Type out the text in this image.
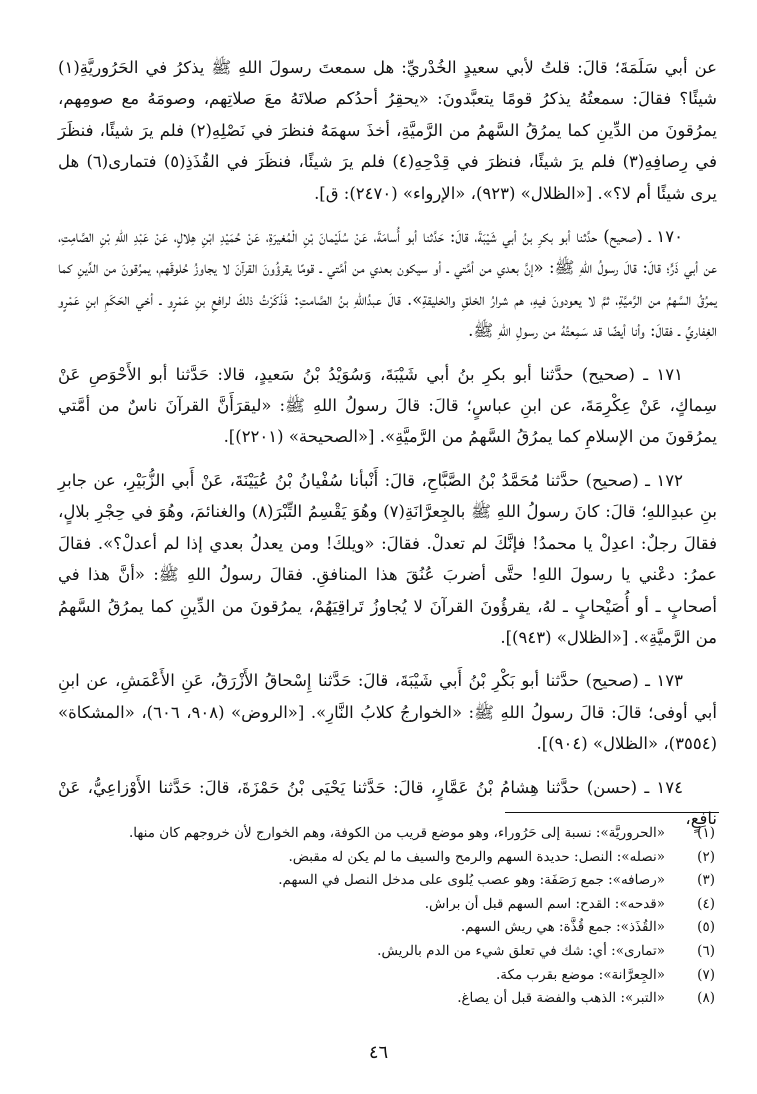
عن أبي سَلَمَةَ؛ قالَ: قلتُ لأبي سعيدٍ الخُدْريِّ: هل سمعتَ رسولَ اللهِ ﷺ يذكرُ في الحَرُوريَّةِ(١) شيئًا؟ فقالَ: سمعتُهُ يذكرُ قومًا يتعبَّدونَ: «يحقِرُ أحدُكم صلاتَهُ معَ صلاتِهم، وصومَهُ مع صومِهم، يمرُقونَ من الدِّينِ كما يمرُقُ السَّهمُ من الرَّميَّةِ، أخذَ سهمَهُ فنظرَ في نَصْلِهِ(٢) فلم يرَ شيئًا، فنظَرَ في رِصافِهِ(٣) فلم يرَ شيئًا، فنظرَ في قِدْحِهِ(٤) فلم يرَ شيئًا، فنظَرَ في القُذَذِ(٥) فتمارى(٦) هل يرى شيئًا أم لا؟». [«الظلال» (٩٢٣)، «الإرواء» (٢٤٧٠): ق].

١٧٠ ـ (صحيح) حدَّثنا أبو بكرِ بنُ أبي شَيْبَةَ، قالَ: حَدَّثنا أبو أُسامَةَ، عَنْ سُلَيْمانَ بْنِ الْمُغيرَةِ، عَنْ حُمَيْدِ ابْنِ هِلالٍ، عَنْ عَبْدِ اللهِ بْنِ الصَّامِتِ، عن أبي ذَرٍّ؛ قالَ: قالَ رسولُ اللهِ ﷺ: «إنَّ بعدي من أمَّتي ـ أو سيكون بعدي من أمَّتي ـ قومًا يقرؤُونَ القرآنَ لا يجاوزُ حُلوقَهم، يمرُقونَ من الدِّينِ كما يمرُقُ السَّهمُ من الرَّميَّةِ، ثمَّ لا يعودونَ فيهِ، هم شرارُ الخلقِ والخليقةِ». قالَ عبدُاللهِ بنُ الصَّامتِ: فَذَكَرْتُ ذلكَ لرافعِ بنِ عَمْرٍو ـ أخي الحَكَمِ ابنِ عَمْرٍو الغِفاريِّ ـ فقالَ: وأنا أيضًا قد سَمِعتُهُ من رسولِ اللهِ ﷺ.

١٧١ ـ (صحيح) حدَّثنا أبو بكرِ بنُ أبي شَيْبَةَ، وَسُوَيْدُ بْنُ سَعيدٍ، قالا: حَدَّثنا أبو الأَحْوَصِ عَنْ سِماكٍ، عَنْ عِكْرِمَةَ، عن ابنِ عباسٍ؛ قالَ: قالَ رسولُ اللهِ ﷺ: «ليقرَأَنَّ القرآنَ ناسٌ من أمَّتي يمرُقونَ من الإسلامِ كما يمرُقُ السَّهمُ من الرَّميَّةِ». [«الصحيحة» (٢٢٠١)].

١٧٢ ـ (صحيح) حدَّثنا مُحَمَّدُ بْنُ الصَّبَّاحِ، قالَ: أَنْبأنا سُفْيانُ بْنُ عُيَيْنَةَ، عَنْ أَبي الزُّبَيْرِ، عن جابرِ بنِ عبدِاللهِ؛ قالَ: كانَ رسولُ اللهِ ﷺ بالجِعرَّانَةِ(٧) وهُوَ يَقْسِمُ التِّبْرَ(٨) والغنائمَ، وهُوَ في حِجْرِ بلالٍ، فقالَ رجلٌ: اعدِلْ يا محمدُ! فإنَّكَ لم تعدلْ. فقالَ: «ويلكَ! ومن يعدلُ بعدي إذا لم أعدلْ؟». فقالَ عمرُ: دعْني يا رسولَ اللهِ! حتَّى أضربَ عُنُقَ هذا المنافقِ. فقالَ رسولُ اللهِ ﷺ: «أنَّ هذا في أصحابٍ ـ أو أُصَيْحابٍ ـ لهُ، يقرؤُونَ القرآنَ لا يُجاوزُ تَراقِيَهُمْ، يمرُقونَ من الدِّينِ كما يمرُقُ السَّهمُ من الرَّميَّةِ». [«الظلال» (٩٤٣)].

١٧٣ ـ (صحيح) حدَّثنا أبو بَكْرِ بْنُ أَبي شَيْبَةَ، قالَ: حَدَّثنا إِسْحاقُ الأَزْرَقُ، عَنِ الأَعْمَشِ، عن ابنِ أبي أوفى؛ قالَ: قالَ رسولُ اللهِ ﷺ: «الخوارجُ كلابُ النَّارِ». [«الروض» (٩٠٨، ٦٠٦)، «المشكاة» (٣٥٥٤)، «الظلال» (٩٠٤)].

١٧٤ ـ (حسن) حدَّثنا هِشامُ بْنُ عَمَّارٍ، قالَ: حَدَّثنا يَحْيَى بْنُ حَمْزَةَ، قالَ: حَدَّثنا الأَوْزاعِيُّ، عَنْ نافِعٍ،

(١)
«الحروريَّة»: نسبة إلى حَرُوراء، وهو موضع قريب من الكوفة، وهم الخوارج لأن خروجهم كان منها.
(٢)
«نصله»: النصل: حديدة السهم والرمح والسيف ما لم يكن له مقبض.
(٣)
«رصافه»: جمع رَصَفَة: وهو عصب يُلوى على مدخل النصل في السهم.
(٤)
«قدحه»: القدح: اسم السهم قبل أن براش.
(٥)
«القُذَذ»: جمع قُذَّة: هي ريش السهم.
(٦)
«تمارى»: أي: شك في تعلق شيء من الدم بالريش.
(٧)
«الجِعرَّانة»: موضع بقرب مكة.
(٨)
«التبر»: الذهب والفضة قبل أن يصاغ.
٤٦
